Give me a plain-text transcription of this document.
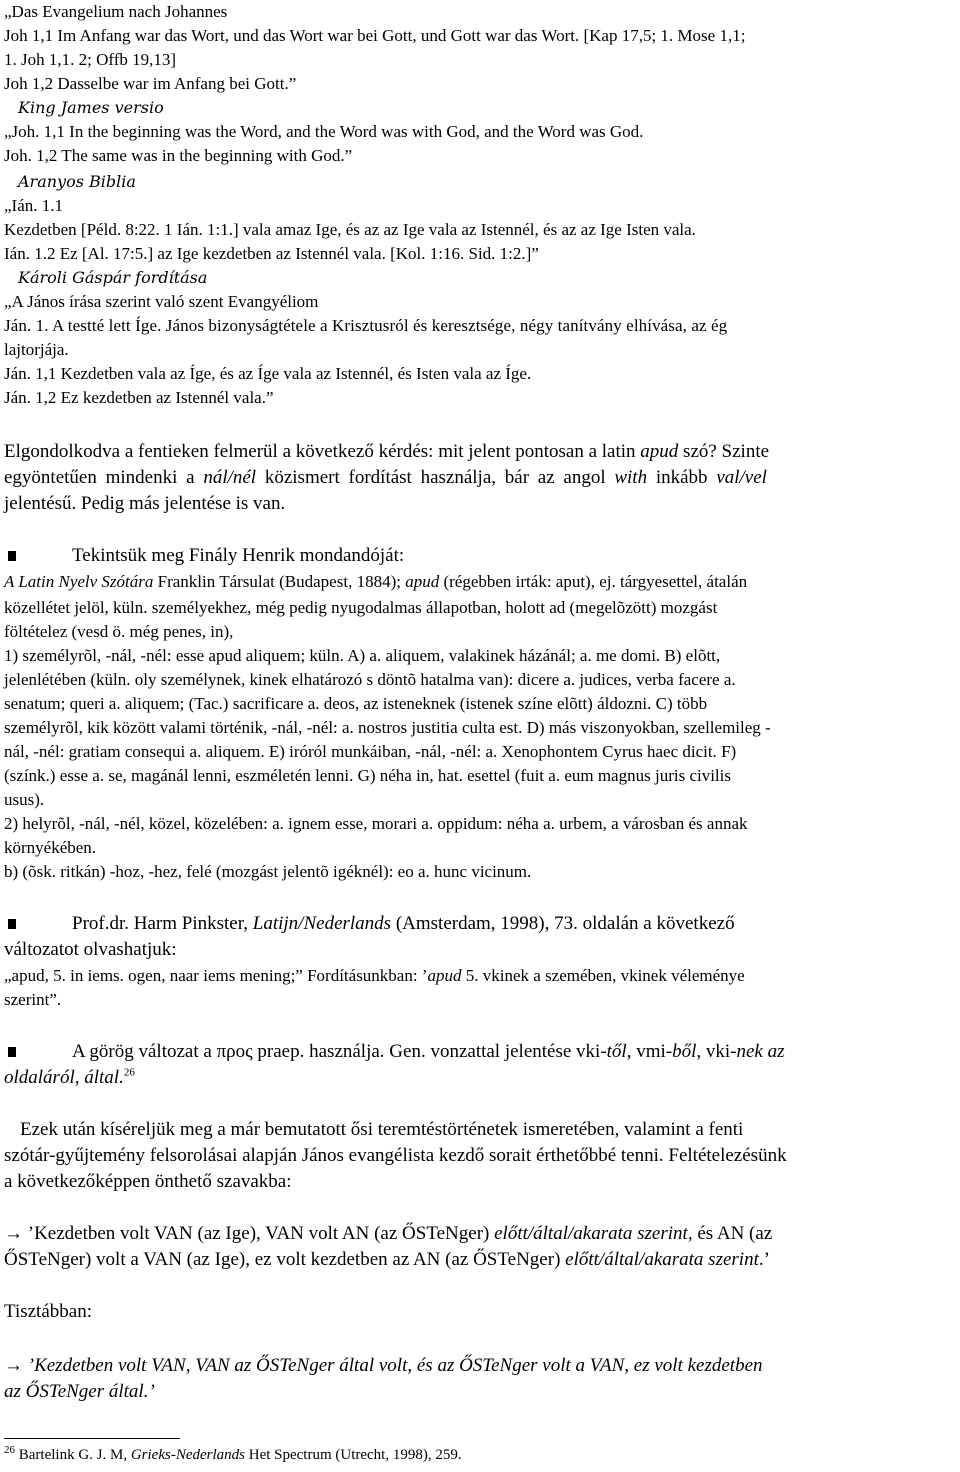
„Das Evangelium nach Johannes
Joh 1,1 Im Anfang war das Wort, und das Wort war bei Gott, und Gott war das Wort. [Kap 17,5; 1. Mose 1,1;
1. Joh 1,1. 2; Offb 19,13]
Joh 1,2 Dasselbe war im Anfang bei Gott.”
King James versio
„Joh. 1,1 In the beginning was the Word, and the Word was with God, and the Word was God.
Joh. 1,2 The same was in the beginning with God.”
Aranyos Biblia
„Ián. 1.1
Kezdetben [Péld. 8:22. 1 Ián. 1:1.] vala amaz Ige, és az az Ige vala az Istennél, és az az Ige Isten vala.
Ián. 1.2 Ez [Al. 17:5.] az Ige kezdetben az Istennél vala. [Kol. 1:16. Sid. 1:2.]”
Károli Gáspár fordítása
„A János írása szerint való szent Evangyéliom
Ján. 1. A testté lett Íge. János bizonyságtétele a Krisztusról és keresztsége, négy tanítvány elhívása, az ég
lajtorjája.
Ján. 1,1 Kezdetben vala az Íge, és az Íge vala az Istennél, és Isten vala az Íge.
Ján. 1,2 Ez kezdetben az Istennél vala.”
Elgondolkodva a fentieken felmerül a következő kérdés: mit jelent pontosan a latin apud szó? Szinte
egyöntetűen mindenki a nál/nél közismert fordítást használja, bár az angol with inkább val/vel
jelentésű. Pedig más jelentése is van.
Tekintsük meg Finály Henrik mondandóját:
A Latin Nyelv Szótára Franklin Társulat (Budapest, 1884); apud (régebben irták: aput), ej. tárgyesettel, átalán
közellétet jelöl, küln. személyekhez, még pedig nyugodalmas állapotban, holott ad (megelõzött) mozgást
föltételez (vesd ö. még penes, in),
1) személyrõl, -nál, -nél: esse apud aliquem; küln. A) a. aliquem, valakinek házánál; a. me domi. B) elõtt,
jelenlétében (küln. oly személynek, kinek elhatározó s döntõ hatalma van): dicere a. judices, verba facere a.
senatum; queri a. aliquem; (Tac.) sacrificare a. deos, az isteneknek (istenek színe elõtt) áldozni. C) több
személyrõl, kik között valami történik, -nál, -nél: a. nostros justitia culta est. D) más viszonyokban, szellemileg -
nál, -nél: gratiam consequi a. aliquem. E) iróról munkáiban, -nál, -nél: a. Xenophontem Cyrus haec dicit. F)
(színk.) esse a. se, magánál lenni, eszméletén lenni. G) néha in, hat. esettel (fuit a. eum magnus juris civilis
usus).
2) helyrõl, -nál, -nél, közel, közelében: a. ignem esse, morari a. oppidum: néha a. urbem, a városban és annak
környékében.
b) (õsk. ritkán) -hoz, -hez, felé (mozgást jelentõ igéknél): eo a. hunc vicinum.
Prof.dr. Harm Pinkster, Latijn/Nederlands (Amsterdam, 1998), 73. oldalán a következő
változatot olvashatjuk:
„apud, 5. in iems. ogen, naar iems mening;” Fordításunkban: ’apud 5. vkinek a szemében, vkinek véleménye
szerint”.
A görög változat a πρoς praep. használja. Gen. vonzattal jelentése vki-től, vmi-ből, vki-nek az
oldaláról, által.$^{26}$
Ezek után kíséreljük meg a már bemutatott ősi teremtéstörténetek ismeretében, valamint a fenti
szótár-gyűjtemény felsorolásai alapján János evangélista kezdő sorait érthetőbbé tenni. Feltételezésünk
a következőképpen önthető szavakba:
→ ’Kezdetben volt VAN (az Ige), VAN volt AN (az ŐSTeNger) előtt/által/akarata szerint, és AN (az
ŐSTeNger) volt a VAN (az Ige), ez volt kezdetben az AN (az ŐSTeNger) előtt/által/akarata szerint.’
Tisztábban:
→ ’Kezdetben volt VAN, VAN az ŐSTeNger által volt, és az ŐSTeNger volt a VAN, ez volt kezdetben
az ŐSTeNger által.’
$^{26}$ Bartelink G. J. M, Grieks-Nederlands Het Spectrum (Utrecht, 1998), 259.
